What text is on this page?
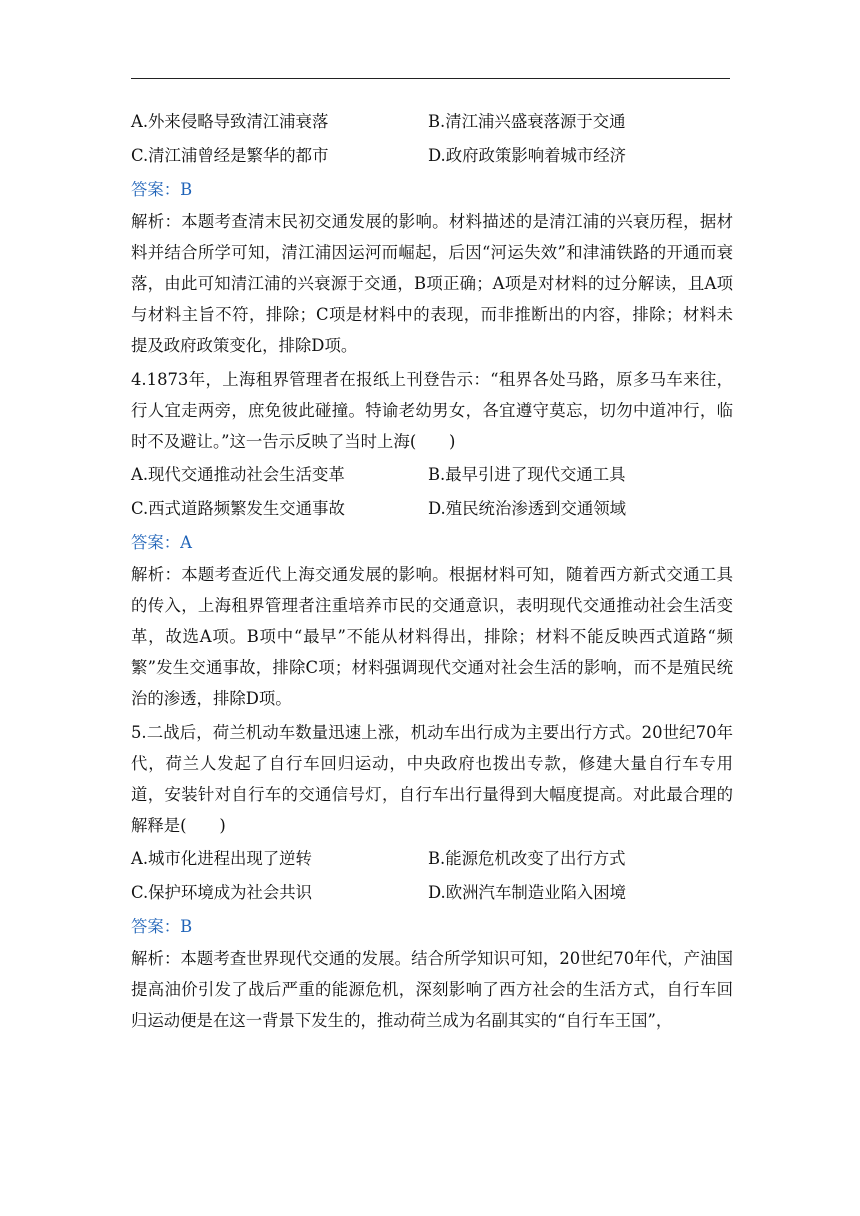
A.外来侵略导致清江浦衰落	B.清江浦兴盛衰落源于交通
C.清江浦曾经是繁华的都市	D.政府政策影响着城市经济
答案：B

解析：本题考查清末民初交通发展的影响。材料描述的是清江浦的兴衰历程，据材料并结合所学可知，清江浦因运河而崛起，后因“河运失效”和津浦铁路的开通而衰落，由此可知清江浦的兴衰源于交通，B项正确；A项是对材料的过分解读，且A项与材料主旨不符，排除；C项是材料中的表现，而非推断出的内容，排除；材料未提及政府政策变化，排除D项。

4.1873年，上海租界管理者在报纸上刊登告示：“租界各处马路，原多马车来往，行人宜走两旁，庶免彼此碰撞。特谕老幼男女，各宜遵守莫忘，切勿中道冲行，临时不及避让。”这一告示反映了当时上海(　　)

A.现代交通推动社会生活变革	B.最早引进了现代交通工具
C.西式道路频繁发生交通事故	D.殖民统治渗透到交通领域
答案：A

解析：本题考查近代上海交通发展的影响。根据材料可知，随着西方新式交通工具的传入，上海租界管理者注重培养市民的交通意识，表明现代交通推动社会生活变革，故选A项。B项中“最早”不能从材料得出，排除；材料不能反映西式道路“频繁”发生交通事故，排除C项；材料强调现代交通对社会生活的影响，而不是殖民统治的渗透，排除D项。

5.二战后，荷兰机动车数量迅速上涨，机动车出行成为主要出行方式。20世纪70年代，荷兰人发起了自行车回归运动，中央政府也拨出专款，修建大量自行车专用道，安装针对自行车的交通信号灯，自行车出行量得到大幅度提高。对此最合理的解释是(　　)

A.城市化进程出现了逆转	B.能源危机改变了出行方式
C.保护环境成为社会共识	D.欧洲汽车制造业陷入困境
答案：B

解析：本题考查世界现代交通的发展。结合所学知识可知，20世纪70年代，产油国提高油价引发了战后严重的能源危机，深刻影响了西方社会的生活方式，自行车回归运动便是在这一背景下发生的，推动荷兰成为名副其实的“自行车王国”，
